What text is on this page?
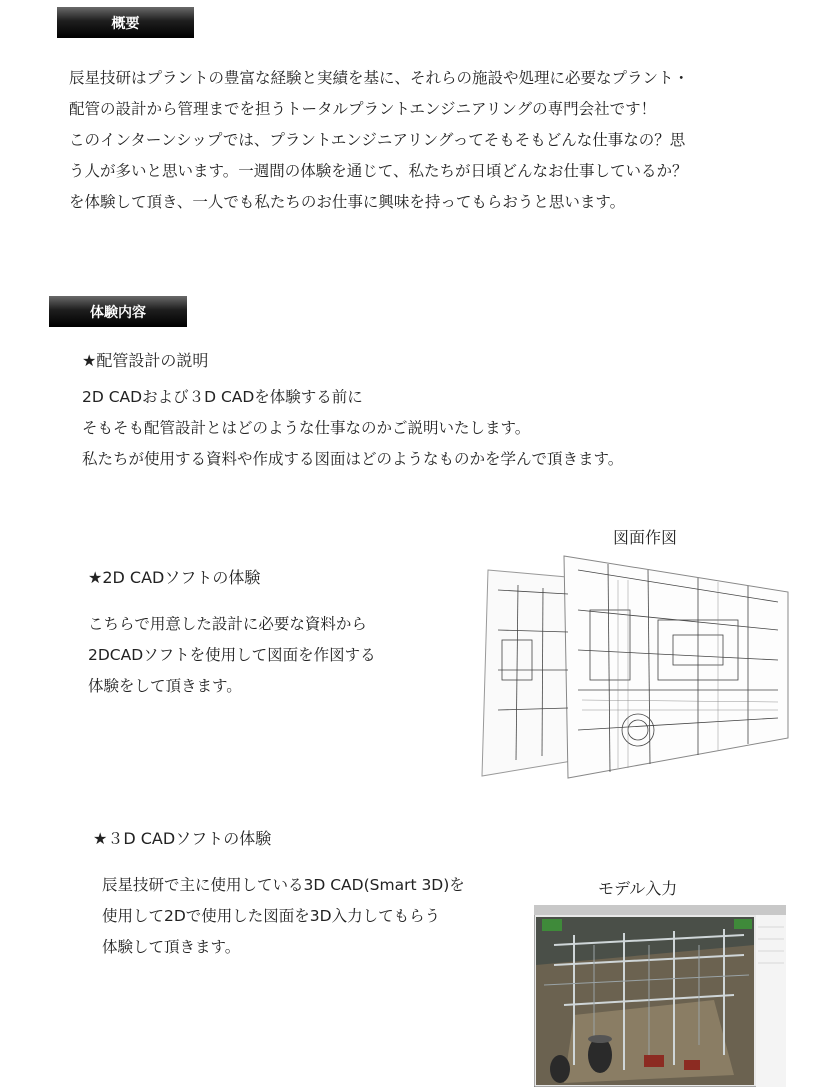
概要
辰星技研はプラントの豊富な経験と実績を基に、それらの施設や処理に必要なプラント・
配管の設計から管理までを担うトータルプラントエンジニアリングの専門会社です！
このインターンシップでは、プラントエンジニアリングってそもそもどんな仕事なの？思
う人が多いと思います。一週間の体験を通じて、私たちが日頃どんなお仕事しているか？
を体験して頂き、一人でも私たちのお仕事に興味を持ってもらおうと思います。
体験内容
★配管設計の説明
2D CADおよび３D CADを体験する前に
そもそも配管設計とはどのような仕事なのかご説明いたします。
私たちが使用する資料や作成する図面はどのようなものかを学んで頂きます。
★2D CADソフトの体験
こちらで用意した設計に必要な資料から
2DCADソフトを使用して図面を作図する
体験をして頂きます。
図面作図
★３D CADソフトの体験
辰星技研で主に使用している3D CAD(Smart 3D)を
使用して2Dで使用した図面を3D入力してもらう
体験して頂きます。
モデル入力
